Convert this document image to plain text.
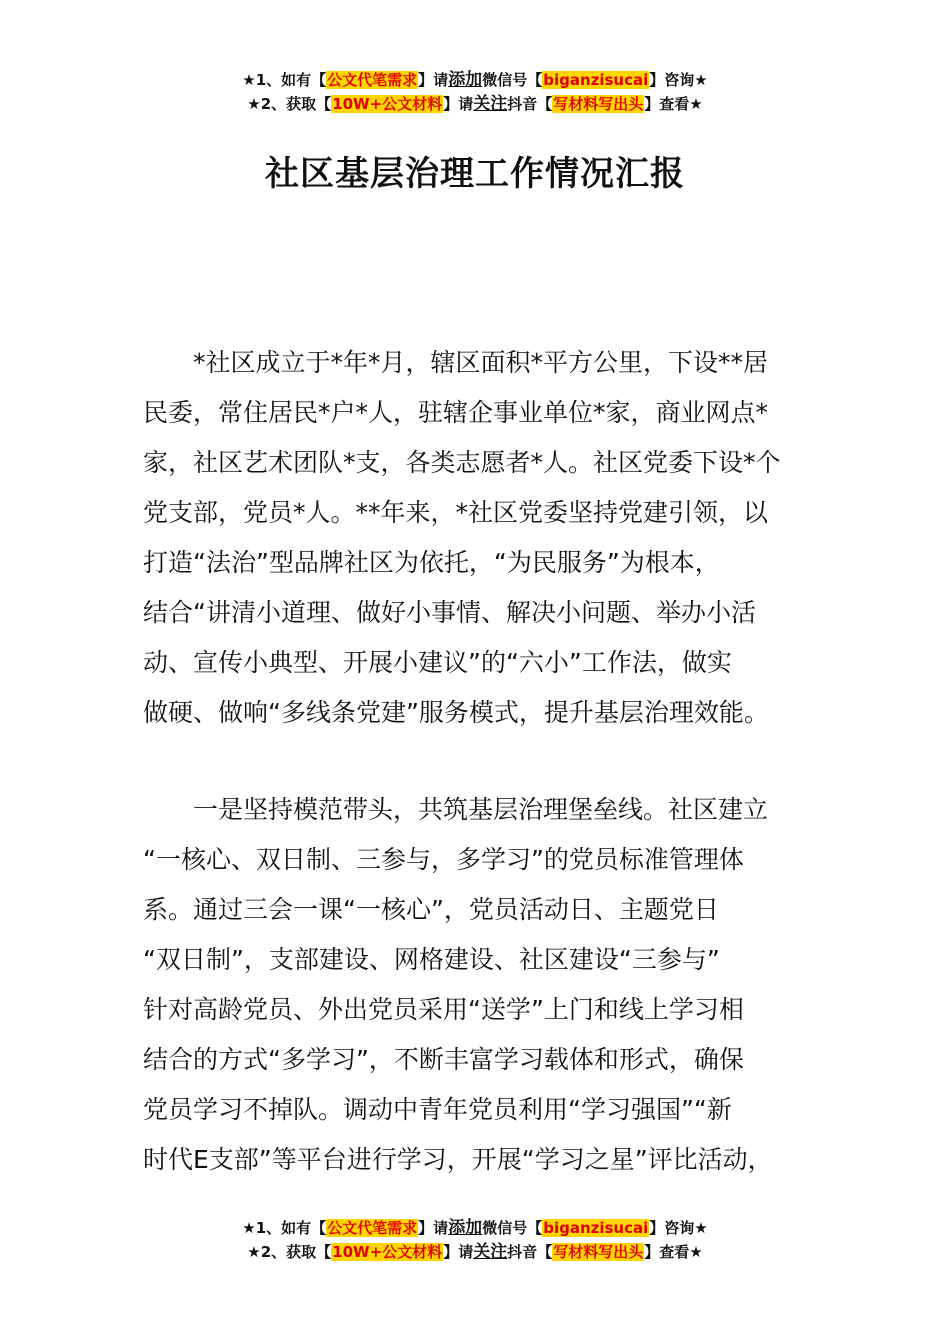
★1、如有【公文代笔需求】请添加微信号【biganzisucai】咨询★
★2、获取【10W+公文材料】请关注抖音【写材料写出头】查看★
社区基层治理工作情况汇报

　　*社区成立于*年*月，辖区面积*平方公里，下设**居
民委，常住居民*户*人，驻辖企事业单位*家，商业网点*
家，社区艺术团队*支，各类志愿者*人。社区党委下设*个
党支部，党员*人。**年来，*社区党委坚持党建引领，以
打造“法治”型品牌社区为依托，“为民服务”为根本，
结合“讲清小道理、做好小事情、解决小问题、举办小活
动、宣传小典型、开展小建议”的“六小”工作法，做实
做硬、做响“多线条党建”服务模式，提升基层治理效能。

　　一是坚持模范带头，共筑基层治理堡垒线。社区建立
“一核心、双日制、三参与，多学习”的党员标准管理体
系。通过三会一课“一核心”，党员活动日、主题党日
“双日制”，支部建设、网格建设、社区建设“三参与”
针对高龄党员、外出党员采用“送学”上门和线上学习相
结合的方式“多学习”，不断丰富学习载体和形式，确保
党员学习不掉队。调动中青年党员利用“学习强国”“新
时代E支部”等平台进行学习，开展“学习之星”评比活动，

★1、如有【公文代笔需求】请添加微信号【biganzisucai】咨询★
★2、获取【10W+公文材料】请关注抖音【写材料写出头】查看★
